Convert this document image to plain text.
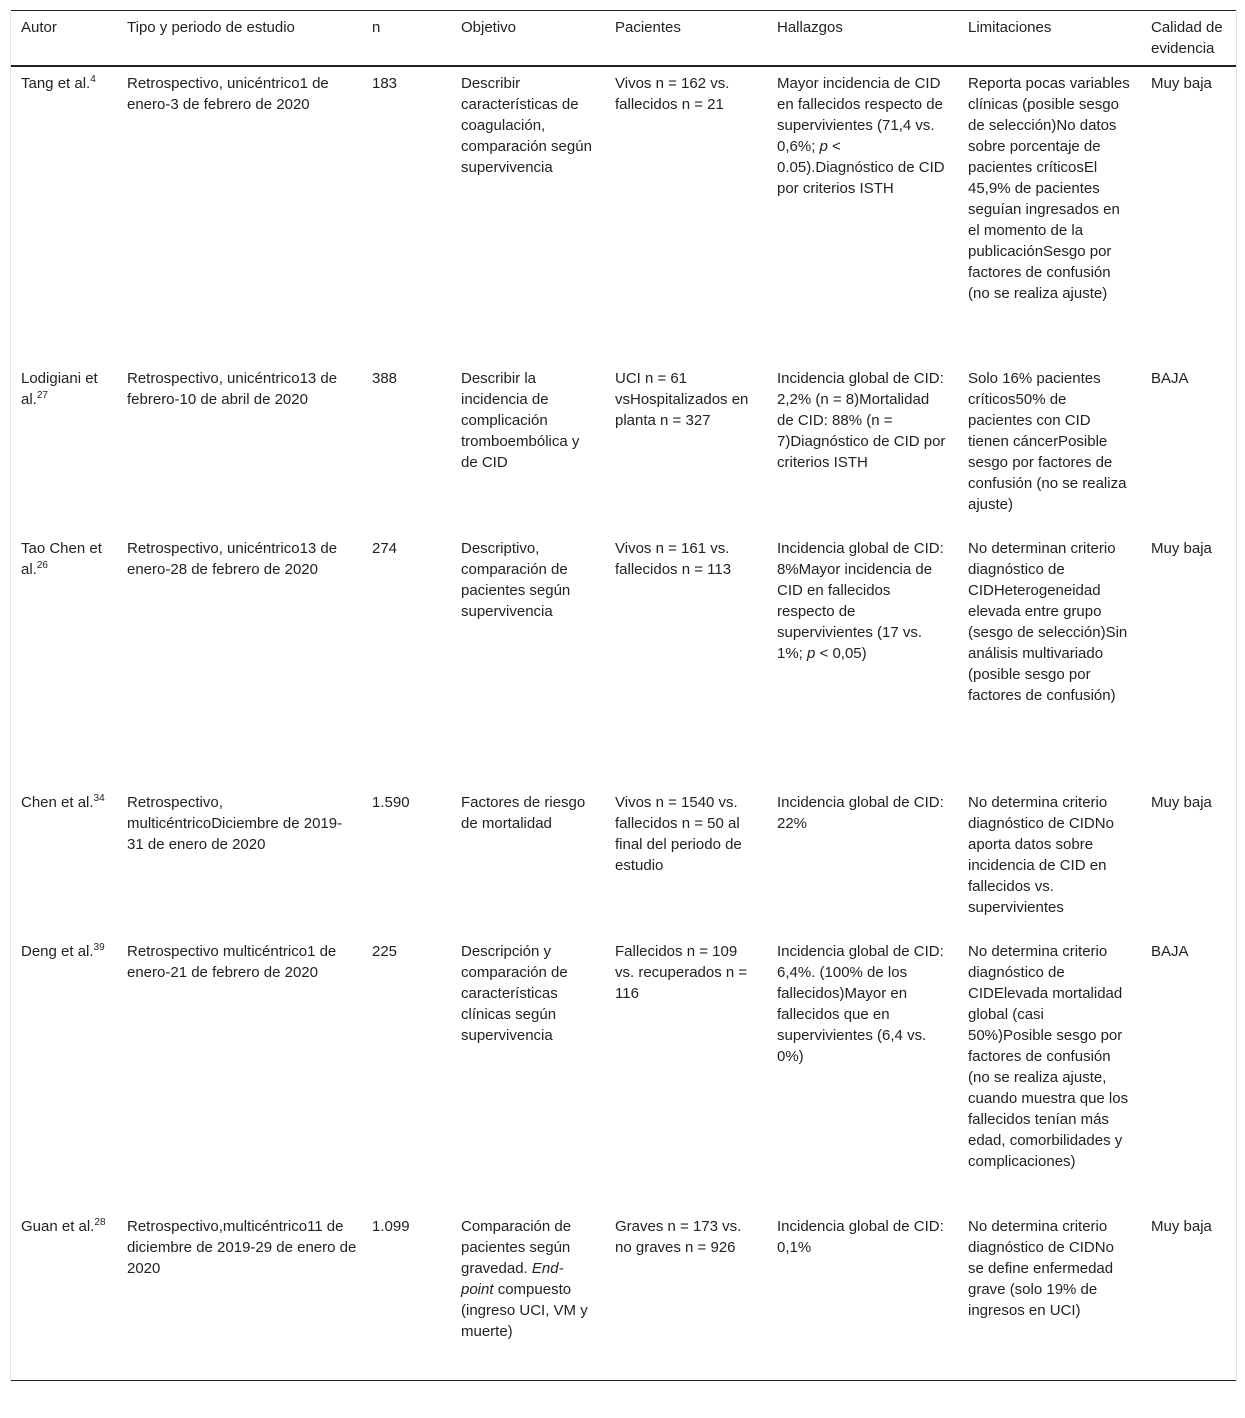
Autor	Tipo y periodo de estudio	n	Objetivo	Pacientes	Hallazgos	Limitaciones	Calidad de evidencia
Tang et al.$^4$	Retrospectivo, unicéntrico1 de enero-3 de febrero de 2020	183	Describir características de coagulación, comparación según supervivencia	Vivos n = 162 vs. fallecidos n = 21	Mayor incidencia de CID en fallecidos respecto de supervivientes (71,4 vs. 0,6%; p < 0.05).Diagnóstico de CID por criterios ISTH	Reporta pocas variables clínicas (posible sesgo de selección)No datos sobre porcentaje de pacientes críticosEl 45,9% de pacientes seguían ingresados en el momento de la publicaciónSesgo por factores de confusión (no se realiza ajuste)	Muy baja
Lodigiani et al.$^{27}$	Retrospectivo, unicéntrico13 de febrero-10 de abril de 2020	388	Describir la incidencia de complicación tromboembólica y de CID	UCI n = 61 vsHospitalizados en planta n = 327	Incidencia global de CID: 2,2% (n = 8)Mortalidad de CID: 88% (n = 7)Diagnóstico de CID por criterios ISTH	Solo 16% pacientes críticos50% de pacientes con CID tienen cáncerPosible sesgo por factores de confusión (no se realiza ajuste)	BAJA
Tao Chen et al.$^{26}$	Retrospectivo, unicéntrico13 de enero-28 de febrero de 2020	274	Descriptivo, comparación de pacientes según supervivencia	Vivos n = 161 vs. fallecidos n = 113	Incidencia global de CID: 8%Mayor incidencia de CID en fallecidos respecto de supervivientes (17 vs. 1%; p < 0,05)	No determinan criterio diagnóstico de CIDHeterogeneidad elevada entre grupo (sesgo de selección)Sin análisis multivariado (posible sesgo por factores de confusión)	Muy baja
Chen et al.$^{34}$	Retrospectivo, multicéntricoDiciembre de 2019-31 de enero de 2020	1.590	Factores de riesgo de mortalidad	Vivos n = 1540 vs. fallecidos n = 50 al final del periodo de estudio	Incidencia global de CID: 22%	No determina criterio diagnóstico de CIDNo aporta datos sobre incidencia de CID en fallecidos vs. supervivientes	Muy baja
Deng et al.$^{39}$	Retrospectivo multicéntrico1 de enero-21 de febrero de 2020	225	Descripción y comparación de características clínicas según supervivencia	Fallecidos n = 109 vs. recuperados n = 116	Incidencia global de CID: 6,4%. (100% de los fallecidos)Mayor en fallecidos que en supervivientes (6,4 vs. 0%)	No determina criterio diagnóstico de CIDElevada mortalidad global (casi 50%)Posible sesgo por factores de confusión (no se realiza ajuste, cuando muestra que los fallecidos tenían más edad, comorbilidades y complicaciones)	BAJA
Guan et al.$^{28}$	Retrospectivo,multicéntrico11 de diciembre de 2019-29 de enero de 2020	1.099	Comparación de pacientes según gravedad. End-point compuesto (ingreso UCI, VM y muerte)	Graves n = 173 vs. no graves n = 926	Incidencia global de CID: 0,1%	No determina criterio diagnóstico de CIDNo se define enfermedad grave (solo 19% de ingresos en UCI)	Muy baja
